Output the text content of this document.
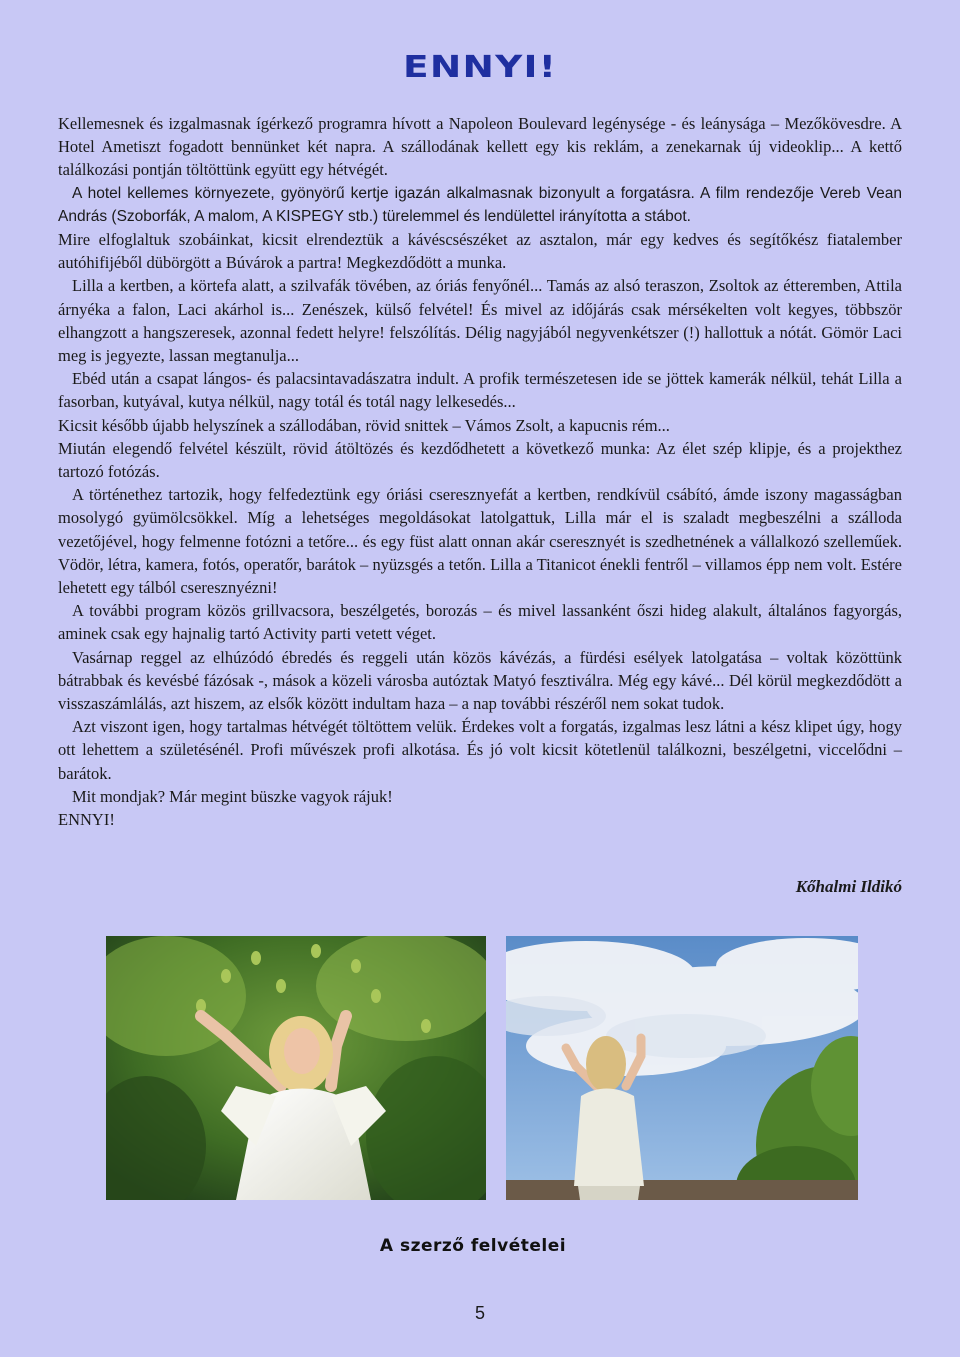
ENNYI!

Kellemesnek és izgalmasnak ígérkező programra hívott a Napoleon Boulevard legénysége - és leánysága – Mezőkövesdre. A Hotel Ametiszt fogadott bennünket két napra. A szállodának kellett egy kis reklám, a zenekarnak új videoklip... A kettő találkozási pontján töltöttünk együtt egy hétvégét.

A hotel kellemes környezete, gyönyörű kertje igazán alkalmasnak bizonyult a forgatásra. A film rendezője Vereb Vean András (Szoborfák, A malom, A KISPEGY stb.) türelemmel és lendülettel irányította a stábot.

Mire elfoglaltuk szobáinkat, kicsit elrendeztük a kávéscsészéket az asztalon, már egy kedves és segítőkész fiatalember autóhifijéből dübörgött a Búvárok a partra! Megkezdődött a munka.

Lilla a kertben, a körtefa alatt, a szilvafák tövében, az óriás fenyőnél... Tamás az alsó teraszon, Zsoltok az étteremben, Attila árnyéka a falon, Laci akárhol is... Zenészek, külső felvétel! És mivel az időjárás csak mérsékelten volt kegyes, többször elhangzott a hangszeresek, azonnal fedett helyre! felszólítás. Délig nagyjából negyvenkétszer (!) hallottuk a nótát. Gömör Laci meg is jegyezte, lassan megtanulja...

Ebéd után a csapat lángos- és palacsintavadászatra indult. A profik természetesen ide se jöttek kamerák nélkül, tehát Lilla a fasorban, kutyával, kutya nélkül, nagy totál és totál nagy lelkesedés...

Kicsit később újabb helyszínek a szállodában, rövid snittek – Vámos Zsolt, a kapucnis rém...

Miután elegendő felvétel készült, rövid átöltözés és kezdődhetett a következő munka: Az élet szép klipje, és a projekthez tartozó fotózás.

A történethez tartozik, hogy felfedeztünk egy óriási cseresznyefát a kertben, rendkívül csábító, ámde iszony magasságban mosolygó gyümölcsökkel. Míg a lehetséges megoldásokat latolgattuk, Lilla már el is szaladt megbeszélni a szálloda vezetőjével, hogy felmenne fotózni a tetőre... és egy füst alatt onnan akár cseresznyét is szedhetnének a vállalkozó szelleműek. Vödör, létra, kamera, fotós, operatőr, barátok – nyüzsgés a tetőn. Lilla a Titanicot énekli fentről – villamos épp nem volt. Estére lehetett egy tálból cseresznyézni!

A további program közös grillvacsora, beszélgetés, borozás – és mivel lassanként őszi hideg alakult, általános fagyorgás, aminek csak egy hajnalig tartó Activity parti vetett véget.

Vasárnap reggel az elhúzódó ébredés és reggeli után közös kávézás, a fürdési esélyek latolgatása – voltak közöttünk bátrabbak és kevésbé fázósak -, mások a közeli városba autóztak Matyó fesztiválra. Még egy kávé... Dél körül megkezdődött a visszaszámlálás, azt hiszem, az elsők között indultam haza – a nap további részéről nem sokat tudok.

Azt viszont igen, hogy tartalmas hétvégét töltöttem velük. Érdekes volt a forgatás, izgalmas lesz látni a kész klipet úgy, hogy ott lehettem a születésénél. Profi művészek profi alkotása. És jó volt kicsit kötetlenül találkozni, beszélgetni, viccelődni – barátok.

Mit mondjak? Már megint büszke vagyok rájuk!

ENNYI!

Kőhalmi Ildikó
A szerző felvételei
5
